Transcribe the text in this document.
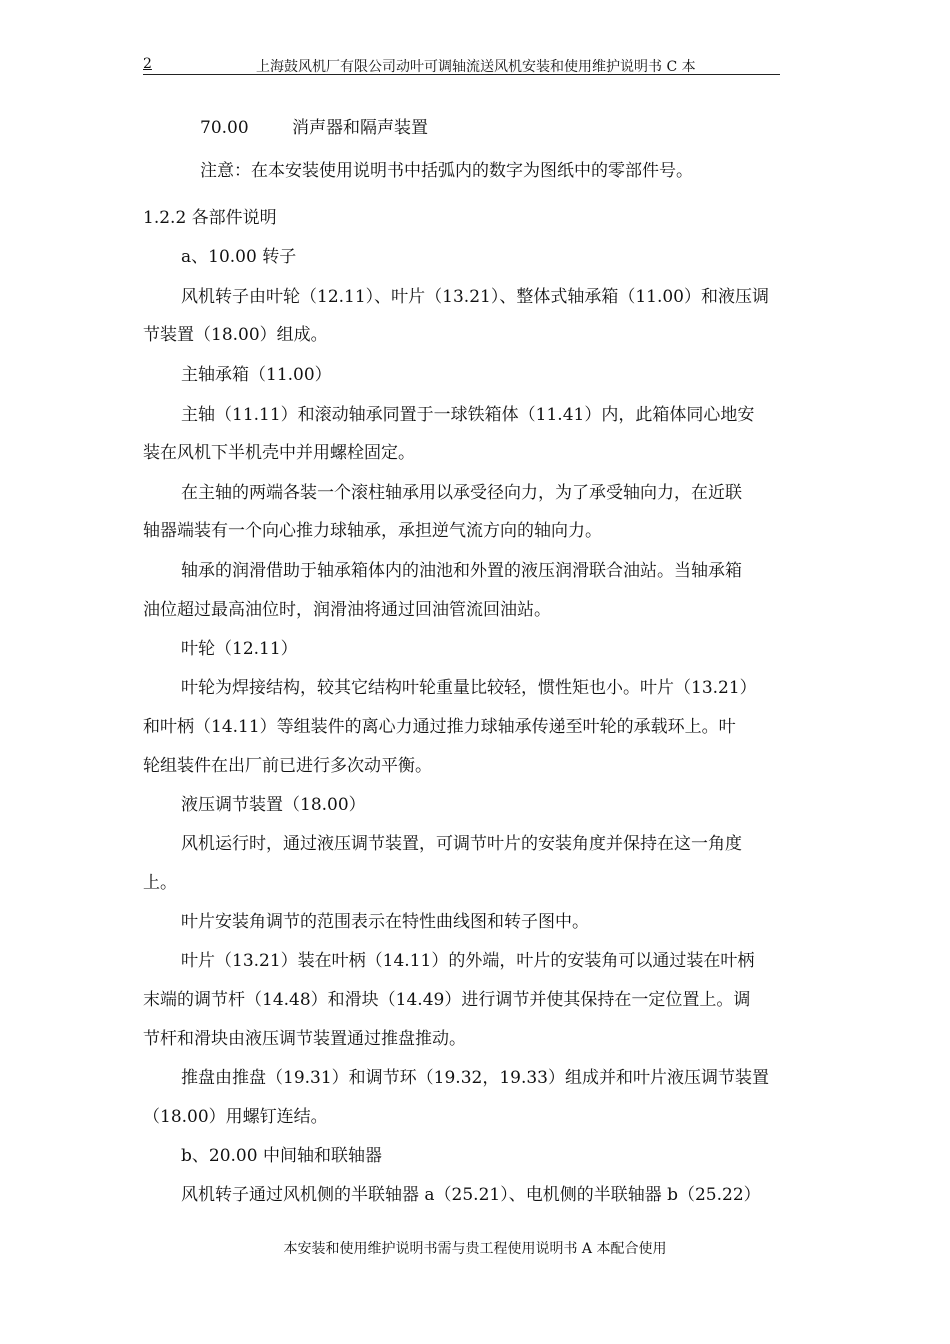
2	上海鼓风机厂有限公司动叶可调轴流送风机安装和使用维护说明书 C 本
70.00	消声器和隔声装置
注意：在本安装使用说明书中括弧内的数字为图纸中的零部件号。
1.2.2 各部件说明
a、10.00 转子
风机转子由叶轮（12.11）、叶片（13.21）、整体式轴承箱（11.00）和液压调
节装置（18.00）组成。
主轴承箱（11.00）
主轴（11.11）和滚动轴承同置于一球铁箱体（11.41）内，此箱体同心地安
装在风机下半机壳中并用螺栓固定。
在主轴的两端各装一个滚柱轴承用以承受径向力，为了承受轴向力，在近联
轴器端装有一个向心推力球轴承，承担逆气流方向的轴向力。
轴承的润滑借助于轴承箱体内的油池和外置的液压润滑联合油站。当轴承箱
油位超过最高油位时，润滑油将通过回油管流回油站。
叶轮（12.11）
叶轮为焊接结构，较其它结构叶轮重量比较轻，惯性矩也小。叶片（13.21）
和叶柄（14.11）等组装件的离心力通过推力球轴承传递至叶轮的承载环上。叶
轮组装件在出厂前已进行多次动平衡。
液压调节装置（18.00）
风机运行时，通过液压调节装置，可调节叶片的安装角度并保持在这一角度
上。
叶片安装角调节的范围表示在特性曲线图和转子图中。
叶片（13.21）装在叶柄（14.11）的外端，叶片的安装角可以通过装在叶柄
末端的调节杆（14.48）和滑块（14.49）进行调节并使其保持在一定位置上。调
节杆和滑块由液压调节装置通过推盘推动。
推盘由推盘（19.31）和调节环（19.32，19.33）组成并和叶片液压调节装置
（18.00）用螺钉连结。
b、20.00 中间轴和联轴器
风机转子通过风机侧的半联轴器 a（25.21）、电机侧的半联轴器 b（25.22）
本安装和使用维护说明书需与贵工程使用说明书 A 本配合使用
